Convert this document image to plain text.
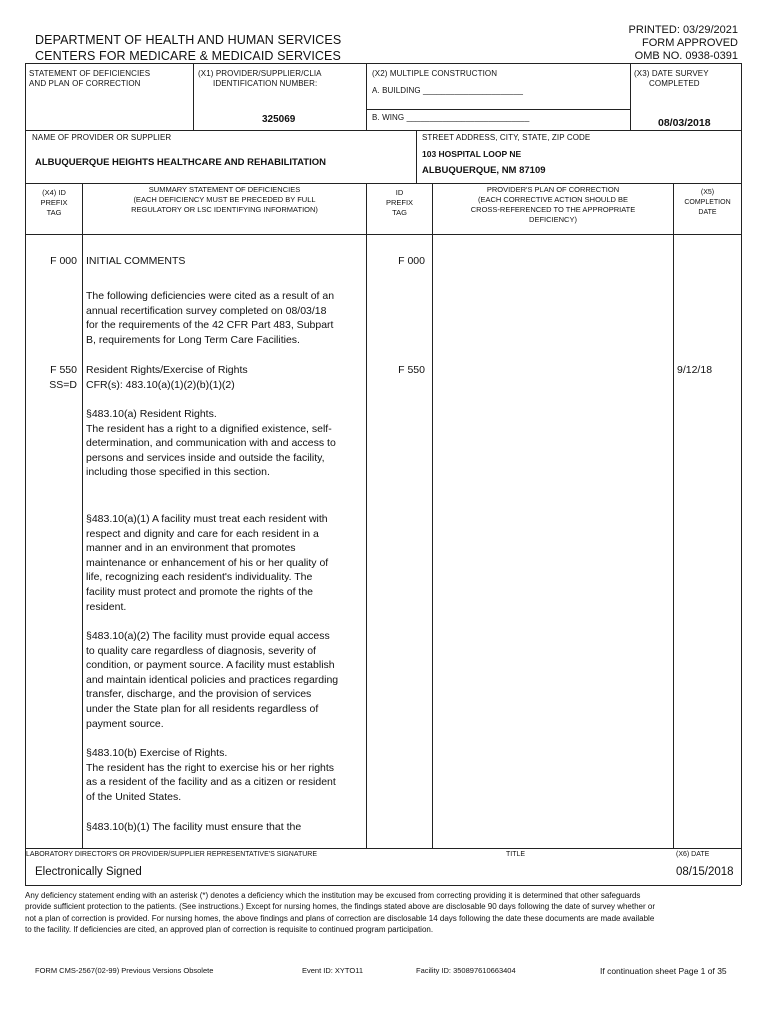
DEPARTMENT OF HEALTH AND HUMAN SERVICES
CENTERS FOR MEDICARE & MEDICAID SERVICES
PRINTED: 03/29/2021
FORM APPROVED
OMB NO. 0938-0391
STATEMENT OF DEFICIENCIES
AND PLAN OF CORRECTION
(X1) PROVIDER/SUPPLIER/CLIA
IDENTIFICATION NUMBER:
325069
(X2) MULTIPLE CONSTRUCTION
A. BUILDING ______________________
B. WING ___________________________
(X3) DATE SURVEY
COMPLETED
08/03/2018
NAME OF PROVIDER OR SUPPLIER
ALBUQUERQUE HEIGHTS HEALTHCARE AND REHABILITATION
STREET ADDRESS, CITY, STATE, ZIP CODE
103 HOSPITAL LOOP NE
ALBUQUERQUE, NM 87109
(X4) ID
PREFIX
TAG
SUMMARY STATEMENT OF DEFICIENCIES
(EACH DEFICIENCY MUST BE PRECEDED BY FULL
REGULATORY OR LSC IDENTIFYING INFORMATION)
ID
PREFIX
TAG
PROVIDER'S PLAN OF CORRECTION
(EACH CORRECTIVE ACTION SHOULD BE
CROSS-REFERENCED TO THE APPROPRIATE
DEFICIENCY)
(X5)
COMPLETION
DATE
F 000 INITIAL COMMENTS	F 000
The following deficiencies were cited as a result of an annual recertification survey completed on 08/03/18 for the requirements of the 42 CFR Part 483, Subpart B, requirements for Long Term Care Facilities.
F 550
SS=D
Resident Rights/Exercise of Rights
CFR(s): 483.10(a)(1)(2)(b)(1)(2)
F 550	9/12/18
§483.10(a) Resident Rights.
The resident has a right to a dignified existence, self-determination, and communication with and access to persons and services inside and outside the facility, including those specified in this section.
§483.10(a)(1) A facility must treat each resident with respect and dignity and care for each resident in a manner and in an environment that promotes maintenance or enhancement of his or her quality of life, recognizing each resident's individuality. The facility must protect and promote the rights of the resident.
§483.10(a)(2) The facility must provide equal access to quality care regardless of diagnosis, severity of condition, or payment source. A facility must establish and maintain identical policies and practices regarding transfer, discharge, and the provision of services under the State plan for all residents regardless of payment source.
§483.10(b) Exercise of Rights.
The resident has the right to exercise his or her rights as a resident of the facility and as a citizen or resident of the United States.
§483.10(b)(1) The facility must ensure that the
LABORATORY DIRECTOR'S OR PROVIDER/SUPPLIER REPRESENTATIVE'S SIGNATURE	TITLE	(X6) DATE
Electronically Signed	08/15/2018
Any deficiency statement ending with an asterisk (*) denotes a deficiency which the institution may be excused from correcting providing it is determined that other safeguards provide sufficient protection to the patients. (See instructions.) Except for nursing homes, the findings stated above are disclosable 90 days following the date of survey whether or not a plan of correction is provided. For nursing homes, the above findings and plans of correction are disclosable 14 days following the date these documents are made available to the facility. If deficiencies are cited, an approved plan of correction is requisite to continued program participation.
FORM CMS-2567(02-99) Previous Versions Obsolete	Event ID: XYTO11	Facility ID: 350897610663404	If continuation sheet Page 1 of 35
